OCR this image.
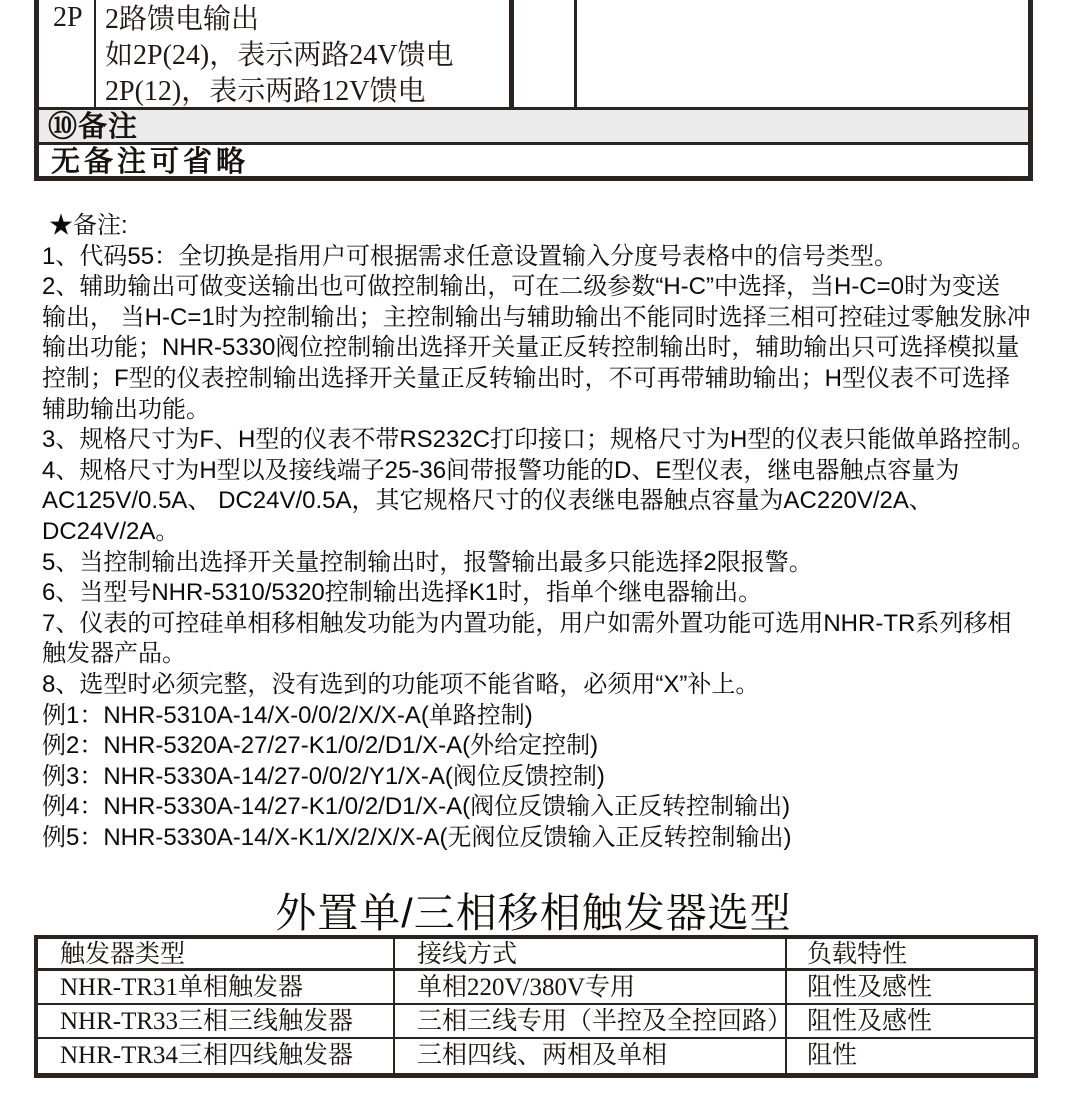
2P 2路馈电输出
如2P(24)，表示两路24V馈电
2P(12)，表示两路12V馈电
⑩备注
无备注可省略
★备注:
1、代码55：全切换是指用户可根据需求任意设置输入分度号表格中的信号类型。
2、辅助输出可做变送输出也可做控制输出，可在二级参数“H-C”中选择，当H-C=0时为变送
输出， 当H-C=1时为控制输出；主控制输出与辅助输出不能同时选择三相可控硅过零触发脉冲
输出功能；NHR-5330阀位控制输出选择开关量正反转控制输出时，辅助输出只可选择模拟量
控制；F型的仪表控制输出选择开关量正反转输出时，不可再带辅助输出；H型仪表不可选择
辅助输出功能。
3、规格尺寸为F、H型的仪表不带RS232C打印接口；规格尺寸为H型的仪表只能做单路控制。
4、规格尺寸为H型以及接线端子25-36间带报警功能的D、E型仪表，继电器触点容量为
AC125V/0.5A、 DC24V/0.5A，其它规格尺寸的仪表继电器触点容量为AC220V/2A、
DC24V/2A。
5、当控制输出选择开关量控制输出时，报警输出最多只能选择2限报警。
6、当型号NHR-5310/5320控制输出选择K1时，指单个继电器输出。
7、仪表的可控硅单相移相触发功能为内置功能，用户如需外置功能可选用NHR-TR系列移相
触发器产品。
8、选型时必须完整，没有选到的功能项不能省略，必须用“X”补上。
例1：NHR-5310A-14/X-0/0/2/X/X-A(单路控制)
例2：NHR-5320A-27/27-K1/0/2/D1/X-A(外给定控制)
例3：NHR-5330A-14/27-0/0/2/Y1/X-A(阀位反馈控制)
例4：NHR-5330A-14/27-K1/0/2/D1/X-A(阀位反馈输入正反转控制输出)
例5：NHR-5330A-14/X-K1/X/2/X/X-A(无阀位反馈输入正反转控制输出)
外置单/三相移相触发器选型
触发器类型	接线方式	负载特性
NHR-TR31单相触发器	单相220V/380V专用	阻性及感性
NHR-TR33三相三线触发器	三相三线专用（半控及全控回路） 阻性及感性
NHR-TR34三相四线触发器	三相四线、两相及单相	阻性
